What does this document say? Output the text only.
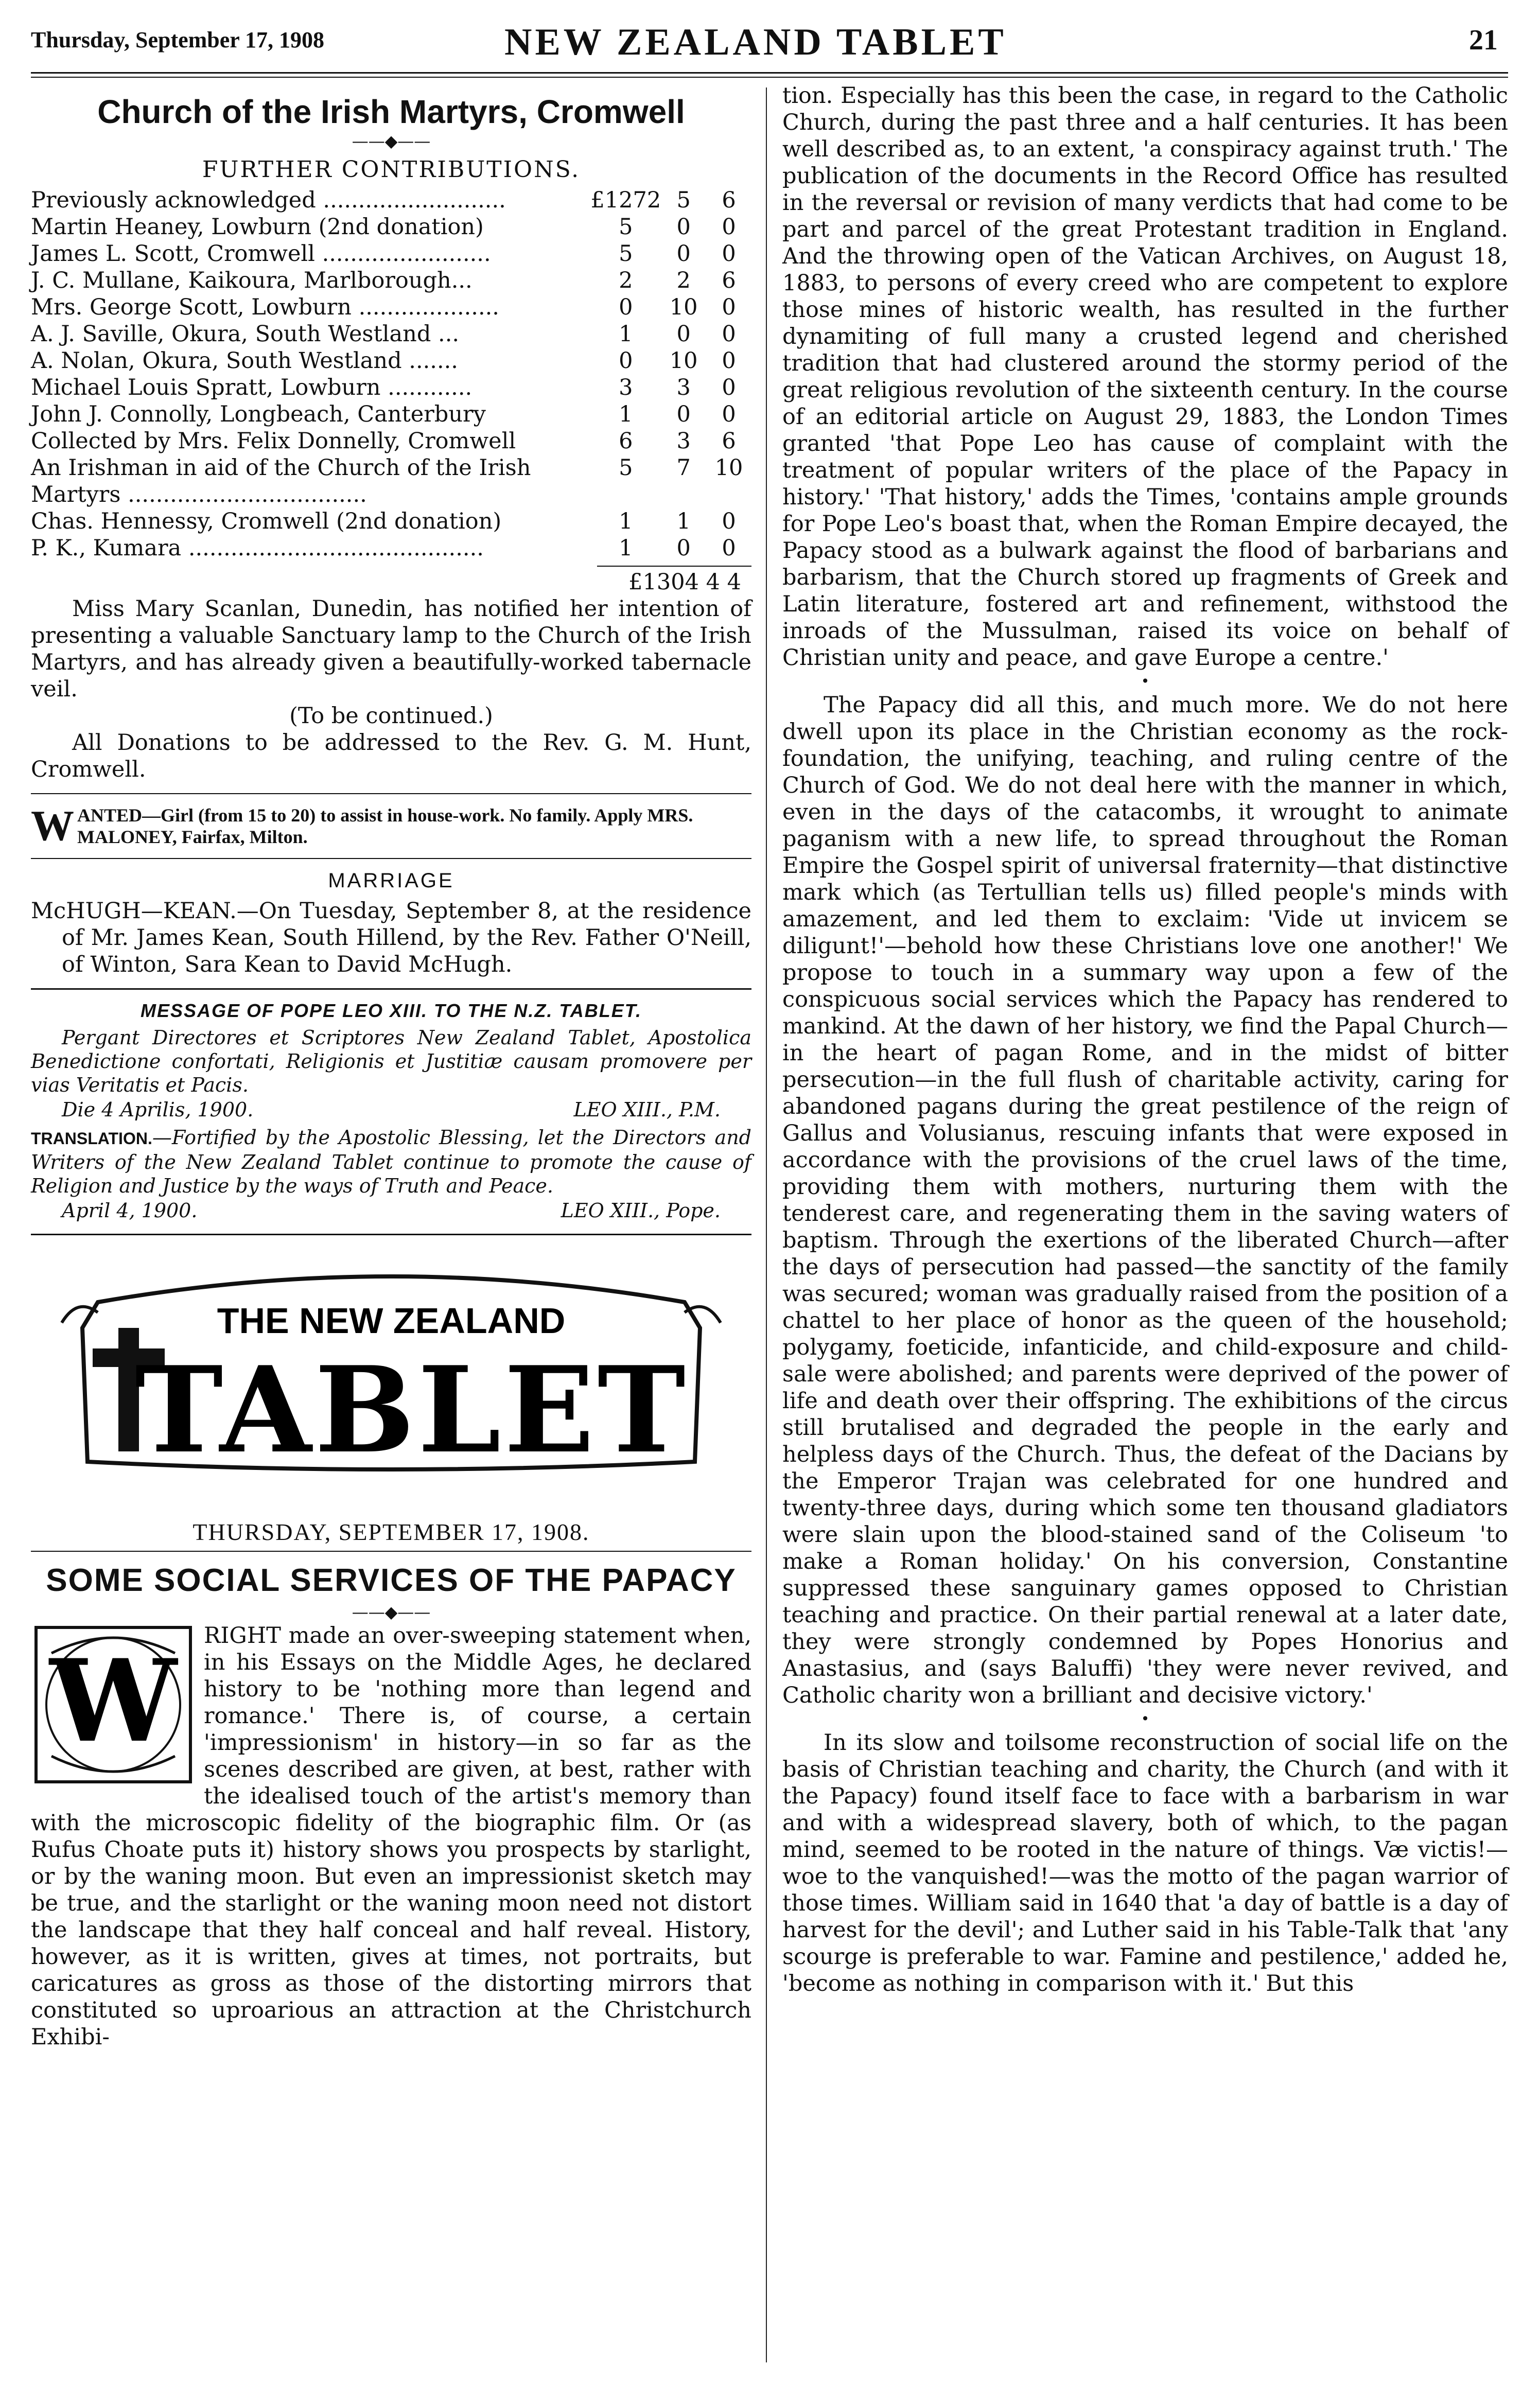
Thursday, September 17, 1908	NEW ZEALAND TABLET	21
Church of the Irish Martyrs, Cromwell
——◆——
FURTHER CONTRIBUTIONS.
Previously acknowledged ..........................	£1272	5	6
Martin Heaney, Lowburn (2nd donation)	5	0	0
James L. Scott, Cromwell ........................	5	0	0
J. C. Mullane, Kaikoura, Marlborough...	2	2	6
Mrs. George Scott, Lowburn ....................	0	10	0
A. J. Saville, Okura, South Westland ...	1	0	0
A. Nolan, Okura, South Westland .......	0	10	0
Michael Louis Spratt, Lowburn ............	3	3	0
John J. Connolly, Longbeach, Canterbury	1	0	0
Collected by Mrs. Felix Donnelly, Cromwell	6	3	6
An Irishman in aid of the Church of the Irish Martyrs ..................................	5	7	10
Chas. Hennessy, Cromwell (2nd donation)	1	1	0
P. K., Kumara ..........................................	1	0	0
£1304 4 4
Miss Mary Scanlan, Dunedin, has notified her intention of presenting a valuable Sanctuary lamp to the Church of the Irish Martyrs, and has already given a beautifully-worked tabernacle veil.
(To be continued.)
All Donations to be addressed to the Rev. G. M. Hunt, Cromwell.
W ANTED—Girl (from 15 to 20) to assist in house-work. No family. Apply MRS. MALONEY, Fairfax, Milton.
MARRIAGE
McHUGH—KEAN.—On Tuesday, September 8, at the residence of Mr. James Kean, South Hillend, by the Rev. Father O'Neill, of Winton, Sara Kean to David McHugh.
MESSAGE OF POPE LEO XIII. TO THE N.Z. TABLET.
Pergant Directores et Scriptores New Zealand Tablet, Apostolica Benedictione confortati, Religionis et Justitiæ causam promovere per vias Veritatis et Pacis.
Die 4 Aprilis, 1900.	LEO XIII., P.M.
TRANSLATION.—Fortified by the Apostolic Blessing, let the Directors and Writers of the New Zealand Tablet continue to promote the cause of Religion and Justice by the ways of Truth and Peace.
April 4, 1900.	LEO XIII., Pope.
THE NEW ZEALAND
TABLET
THURSDAY, SEPTEMBER 17, 1908.
SOME SOCIAL SERVICES OF THE PAPACY
——◆——
W	RIGHT made an over-sweeping statement when, in his Essays on the Middle Ages, he declared history to be 'nothing more than legend and romance.' There is, of course, a certain 'impressionism' in history—in so far as the scenes described are given, at best, rather with the idealised touch of the artist's memory than with the microscopic fidelity of the biographic film. Or (as Rufus Choate puts it) history shows you prospects by starlight, or by the waning moon. But even an impressionist sketch may be true, and the starlight or the waning moon need not distort the landscape that they half conceal and half reveal. History, however, as it is written, gives at times, not portraits, but caricatures as gross as those of the distorting mirrors that constituted so uproarious an attraction at the Christchurch Exhibi-
tion. Especially has this been the case, in regard to the Catholic Church, during the past three and a half centuries. It has been well described as, to an extent, 'a conspiracy against truth.' The publication of the documents in the Record Office has resulted in the reversal or revision of many verdicts that had come to be part and parcel of the great Protestant tradition in England. And the throwing open of the Vatican Archives, on August 18, 1883, to persons of every creed who are competent to explore those mines of historic wealth, has resulted in the further dynamiting of full many a crusted legend and cherished tradition that had clustered around the stormy period of the great religious revolution of the sixteenth century. In the course of an editorial article on August 29, 1883, the London Times granted 'that Pope Leo has cause of complaint with the treatment of popular writers of the place of the Papacy in history.' 'That history,' adds the Times, 'contains ample grounds for Pope Leo's boast that, when the Roman Empire decayed, the Papacy stood as a bulwark against the flood of barbarians and barbarism, that the Church stored up fragments of Greek and Latin literature, fostered art and refinement, withstood the inroads of the Mussulman, raised its voice on behalf of Christian unity and peace, and gave Europe a centre.'
•
The Papacy did all this, and much more. We do not here dwell upon its place in the Christian economy as the rock-foundation, the unifying, teaching, and ruling centre of the Church of God. We do not deal here with the manner in which, even in the days of the catacombs, it wrought to animate paganism with a new life, to spread throughout the Roman Empire the Gospel spirit of universal fraternity—that distinctive mark which (as Tertullian tells us) filled people's minds with amazement, and led them to exclaim: 'Vide ut invicem se diligunt!'—behold how these Christians love one another!' We propose to touch in a summary way upon a few of the conspicuous social services which the Papacy has rendered to mankind. At the dawn of her history, we find the Papal Church—in the heart of pagan Rome, and in the midst of bitter persecution—in the full flush of charitable activity, caring for abandoned pagans during the great pestilence of the reign of Gallus and Volusianus, rescuing infants that were exposed in accordance with the provisions of the cruel laws of the time, providing them with mothers, nurturing them with the tenderest care, and regenerating them in the saving waters of baptism. Through the exertions of the liberated Church—after the days of persecution had passed—the sanctity of the family was secured; woman was gradually raised from the position of a chattel to her place of honor as the queen of the household; polygamy, foeticide, infanticide, and child-exposure and child-sale were abolished; and parents were deprived of the power of life and death over their offspring. The exhibitions of the circus still brutalised and degraded the people in the early and helpless days of the Church. Thus, the defeat of the Dacians by the Emperor Trajan was celebrated for one hundred and twenty-three days, during which some ten thousand gladiators were slain upon the blood-stained sand of the Coliseum 'to make a Roman holiday.' On his conversion, Constantine suppressed these sanguinary games opposed to Christian teaching and practice. On their partial renewal at a later date, they were strongly condemned by Popes Honorius and Anastasius, and (says Baluffi) 'they were never revived, and Catholic charity won a brilliant and decisive victory.'
•
In its slow and toilsome reconstruction of social life on the basis of Christian teaching and charity, the Church (and with it the Papacy) found itself face to face with a barbarism in war and with a widespread slavery, both of which, to the pagan mind, seemed to be rooted in the nature of things. Væ victis!—woe to the vanquished!—was the motto of the pagan warrior of those times. William said in 1640 that 'a day of battle is a day of harvest for the devil'; and Luther said in his Table-Talk that 'any scourge is preferable to war. Famine and pestilence,' added he, 'become as nothing in comparison with it.' But this
